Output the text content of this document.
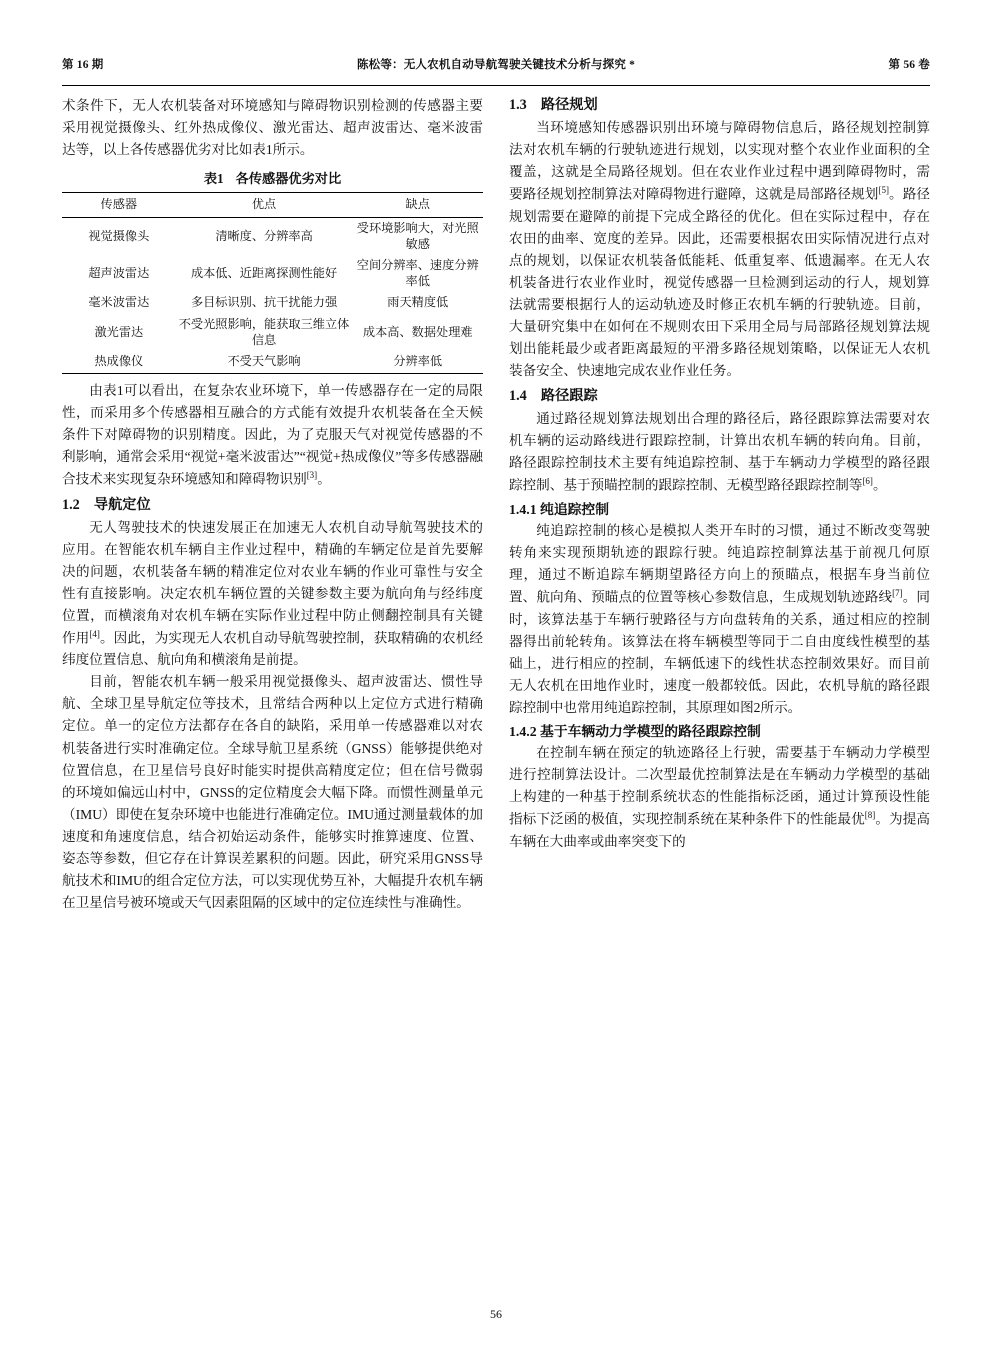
第 16 期	陈松等：无人农机自动导航驾驶关键技术分析与探究 *	第 56 卷

术条件下，无人农机装备对环境感知与障碍物识别检测的传感器主要采用视觉摄像头、红外热成像仪、激光雷达、超声波雷达、毫米波雷达等，以上各传感器优劣对比如表1所示。

表1 各传感器优劣对比
传感器	优点	缺点
视觉摄像头	清晰度、分辨率高	受环境影响大，对光照敏感
超声波雷达	成本低、近距离探测性能好	空间分辨率、速度分辨率低
毫米波雷达	多目标识别、抗干扰能力强	雨天精度低
激光雷达	不受光照影响，能获取三维立体信息	成本高、数据处理难
热成像仪	不受天气影响	分辨率低

由表1可以看出，在复杂农业环境下，单一传感器存在一定的局限性，而采用多个传感器相互融合的方式能有效提升农机装备在全天候条件下对障碍物的识别精度。因此，为了克服天气对视觉传感器的不利影响，通常会采用“视觉+毫米波雷达”“视觉+热成像仪”等多传感器融合技术来实现复杂环境感知和障碍物识别[3]。

1.2　导航定位

无人驾驶技术的快速发展正在加速无人农机自动导航驾驶技术的应用。在智能农机车辆自主作业过程中，精确的车辆定位是首先要解决的问题，农机装备车辆的精准定位对农业车辆的作业可靠性与安全性有直接影响。决定农机车辆位置的关键参数主要为航向角与经纬度位置，而横滚角对农机车辆在实际作业过程中防止侧翻控制具有关键作用[4]。因此，为实现无人农机自动导航驾驶控制，获取精确的农机经纬度位置信息、航向角和横滚角是前提。

目前，智能农机车辆一般采用视觉摄像头、超声波雷达、惯性导航、全球卫星导航定位等技术，且常结合两种以上定位方式进行精确定位。单一的定位方法都存在各自的缺陷，采用单一传感器难以对农机装备进行实时准确定位。全球导航卫星系统（GNSS）能够提供绝对位置信息，在卫星信号良好时能实时提供高精度定位；但在信号微弱的环境如偏远山村中，GNSS的定位精度会大幅下降。而惯性测量单元（IMU）即使在复杂环境中也能进行准确定位。IMU通过测量载体的加速度和角速度信息，结合初始运动条件，能够实时推算速度、位置、姿态等参数，但它存在计算误差累积的问题。因此，研究采用GNSS导航技术和IMU的组合定位方法，可以实现优势互补，大幅提升农机车辆在卫星信号被环境或天气因素阻隔的区域中的定位连续性与准确性。

1.3　路径规划

当环境感知传感器识别出环境与障碍物信息后，路径规划控制算法对农机车辆的行驶轨迹进行规划，以实现对整个农业作业面积的全覆盖，这就是全局路径规划。但在农业作业过程中遇到障碍物时，需要路径规划控制算法对障碍物进行避障，这就是局部路径规划[5]。路径规划需要在避障的前提下完成全路径的优化。但在实际过程中，存在农田的曲率、宽度的差异。因此，还需要根据农田实际情况进行点对点的规划，以保证农机装备低能耗、低重复率、低遗漏率。在无人农机装备进行农业作业时，视觉传感器一旦检测到运动的行人，规划算法就需要根据行人的运动轨迹及时修正农机车辆的行驶轨迹。目前，大量研究集中在如何在不规则农田下采用全局与局部路径规划算法规划出能耗最少或者距离最短的平滑多路径规划策略，以保证无人农机装备安全、快速地完成农业作业任务。

1.4　路径跟踪

通过路径规划算法规划出合理的路径后，路径跟踪算法需要对农机车辆的运动路线进行跟踪控制，计算出农机车辆的转向角。目前，路径跟踪控制技术主要有纯追踪控制、基于车辆动力学模型的路径跟踪控制、基于预瞄控制的跟踪控制、无模型路径跟踪控制等[6]。

1.4.1 纯追踪控制

纯追踪控制的核心是模拟人类开车时的习惯，通过不断改变驾驶转角来实现预期轨迹的跟踪行驶。纯追踪控制算法基于前视几何原理，通过不断追踪车辆期望路径方向上的预瞄点，根据车身当前位置、航向角、预瞄点的位置等核心参数信息，生成规划轨迹路线[7]。同时，该算法基于车辆行驶路径与方向盘转角的关系，通过相应的控制器得出前轮转角。该算法在将车辆模型等同于二自由度线性模型的基础上，进行相应的控制，车辆低速下的线性状态控制效果好。而目前无人农机在田地作业时，速度一般都较低。因此，农机导航的路径跟踪控制中也常用纯追踪控制，其原理如图2所示。

1.4.2 基于车辆动力学模型的路径跟踪控制

在控制车辆在预定的轨迹路径上行驶，需要基于车辆动力学模型进行控制算法设计。二次型最优控制算法是在车辆动力学模型的基础上构建的一种基于控制系统状态的性能指标泛函，通过计算预设性能指标下泛函的极值，实现控制系统在某种条件下的性能最优[8]。为提高车辆在大曲率或曲率突变下的

56
